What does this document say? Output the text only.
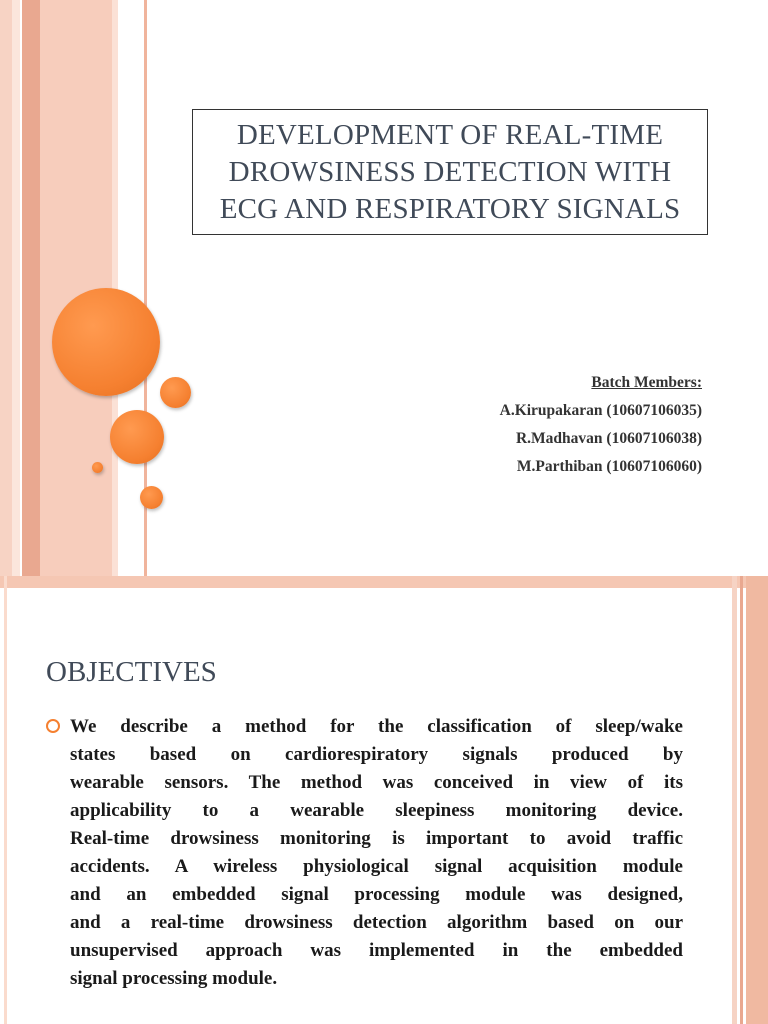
DEVELOPMENT OF REAL-TIME
DROWSINESS DETECTION WITH
ECG AND RESPIRATORY SIGNALS
Batch Members:
A.Kirupakaran (10607106035)
R.Madhavan (10607106038)
M.Parthiban (10607106060)
OBJECTIVES
We describe a method for the classification of sleep/wake
states based on cardiorespiratory signals produced by
wearable sensors. The method was conceived in view of its
applicability to a wearable sleepiness monitoring device.
Real-time drowsiness monitoring is important to avoid traffic
accidents. A wireless physiological signal acquisition module
and an embedded signal processing module was designed,
and a real-time drowsiness detection algorithm based on our
unsupervised approach was implemented in the embedded
signal processing module.
